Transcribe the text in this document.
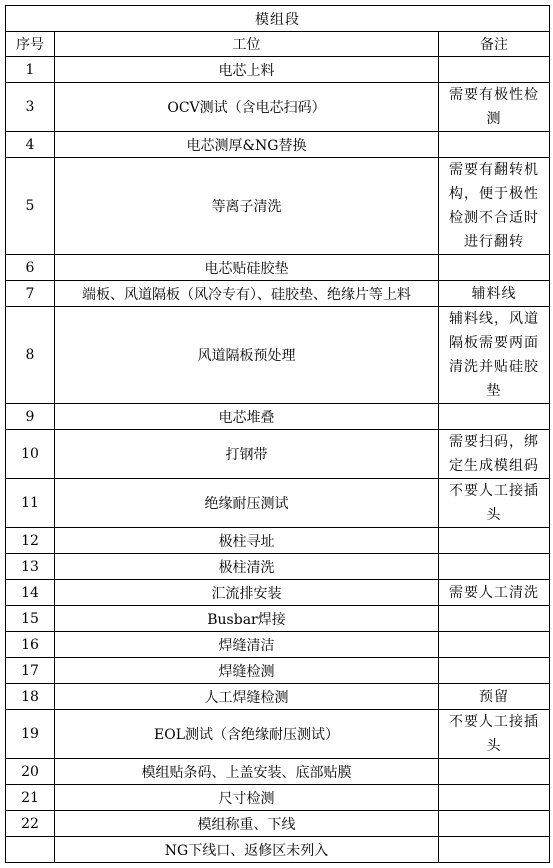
模组段		
序号	工位	备注
1	电芯上料	
3	OCV测试（含电芯扫码）	需要有极性检测
4	电芯测厚&NG替换	
5	等离子清洗	需要有翻转机构，便于极性检测不合适时进行翻转
6	电芯贴硅胶垫	
7	端板、风道隔板（风冷专有）、硅胶垫、绝缘片等上料	辅料线
8	风道隔板预处理	辅料线，风道隔板需要两面清洗并贴硅胶垫
9	电芯堆叠	
10	打钢带	需要扫码，绑定生成模组码
11	绝缘耐压测试	不要人工接插头
12	极柱寻址	
13	极柱清洗	
14	汇流排安装	需要人工清洗
15	Busbar焊接	
16	焊缝清洁	
17	焊缝检测	
18	人工焊缝检测	预留
19	EOL测试（含绝缘耐压测试）	不要人工接插头
20	模组贴条码、上盖安装、底部贴膜	
21	尺寸检测	
22	模组称重、下线	
	NG下线口、返修区未列入	
